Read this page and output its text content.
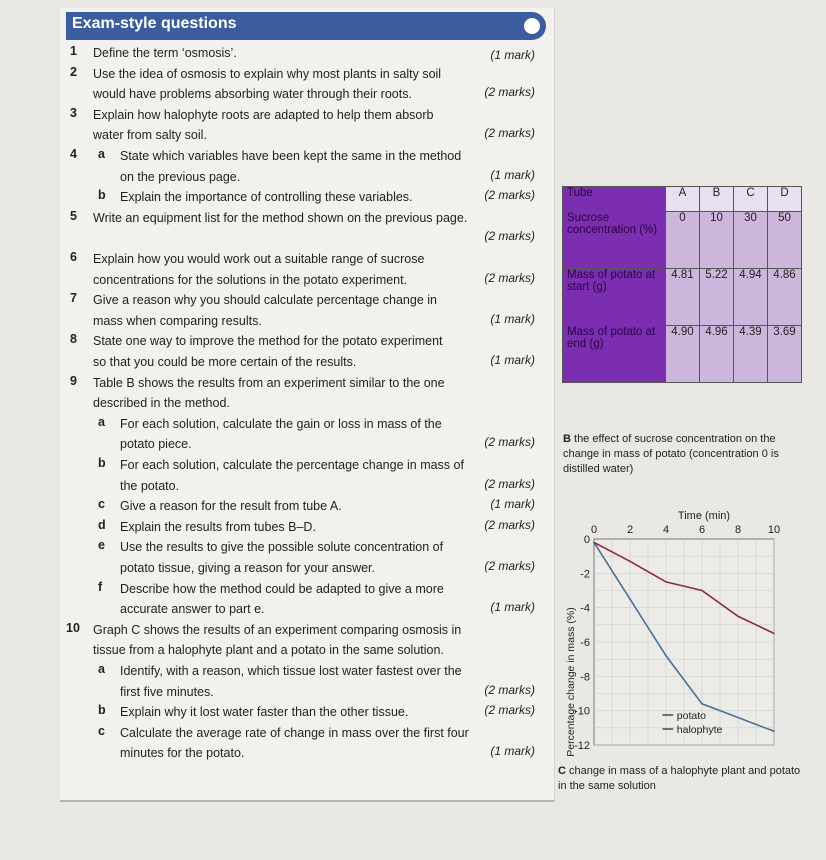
Exam-style questions
1 Define the term ‘osmosis’.	(1 mark)
2 Use the idea of osmosis to explain why most plants in salty soil
would have problems absorbing water through their roots.	(2 marks)
3 Explain how halophyte roots are adapted to help them absorb
water from salty soil.	(2 marks)
4 a State which variables have been kept the same in the method
on the previous page.	(1 mark)
b Explain the importance of controlling these variables.	(2 marks)
5 Write an equipment list for the method shown on the previous page.
(2 marks)
6 Explain how you would work out a suitable range of sucrose
concentrations for the solutions in the potato experiment.	(2 marks)
7 Give a reason why you should calculate percentage change in
mass when comparing results.	(1 mark)
8 State one way to improve the method for the potato experiment
so that you could be more certain of the results.	(1 mark)
9 Table B shows the results from an experiment similar to the one
described in the method.
a For each solution, calculate the gain or loss in mass of the
potato piece.	(2 marks)
b For each solution, calculate the percentage change in mass of
the potato.	(2 marks)
c Give a reason for the result from tube A.	(1 mark)
d Explain the results from tubes B–D.	(2 marks)
e Use the results to give the possible solute concentration of
potato tissue, giving a reason for your answer.	(2 marks)
f Describe how the method could be adapted to give a more
accurate answer to part e.	(1 mark)
10 Graph C shows the results of an experiment comparing osmosis in
tissue from a halophyte plant and a potato in the same solution.
a Identify, with a reason, which tissue lost water fastest over the
first five minutes.	(2 marks)
b Explain why it lost water faster than the other tissue.	(2 marks)
c Calculate the average rate of change in mass over the first four
minutes for the potato.	(1 mark)
Tube	A	B	C	D
Sucrose concentration (%)	0	10	30	50
Mass of potato at start (g)	4.81	5.22	4.94	4.86
Mass of potato at end (g)	4.90	4.96	4.39	3.69
B the effect of sucrose concentration on the change in mass of potato (concentration 0 is distilled water)
0	2	4	6	8 10
0
-2
-4
-6
-8
-10
-12
Time (min)
Percentage change in mass (%)	potato
halophyte
C change in mass of a halophyte plant and potato in the same solution
